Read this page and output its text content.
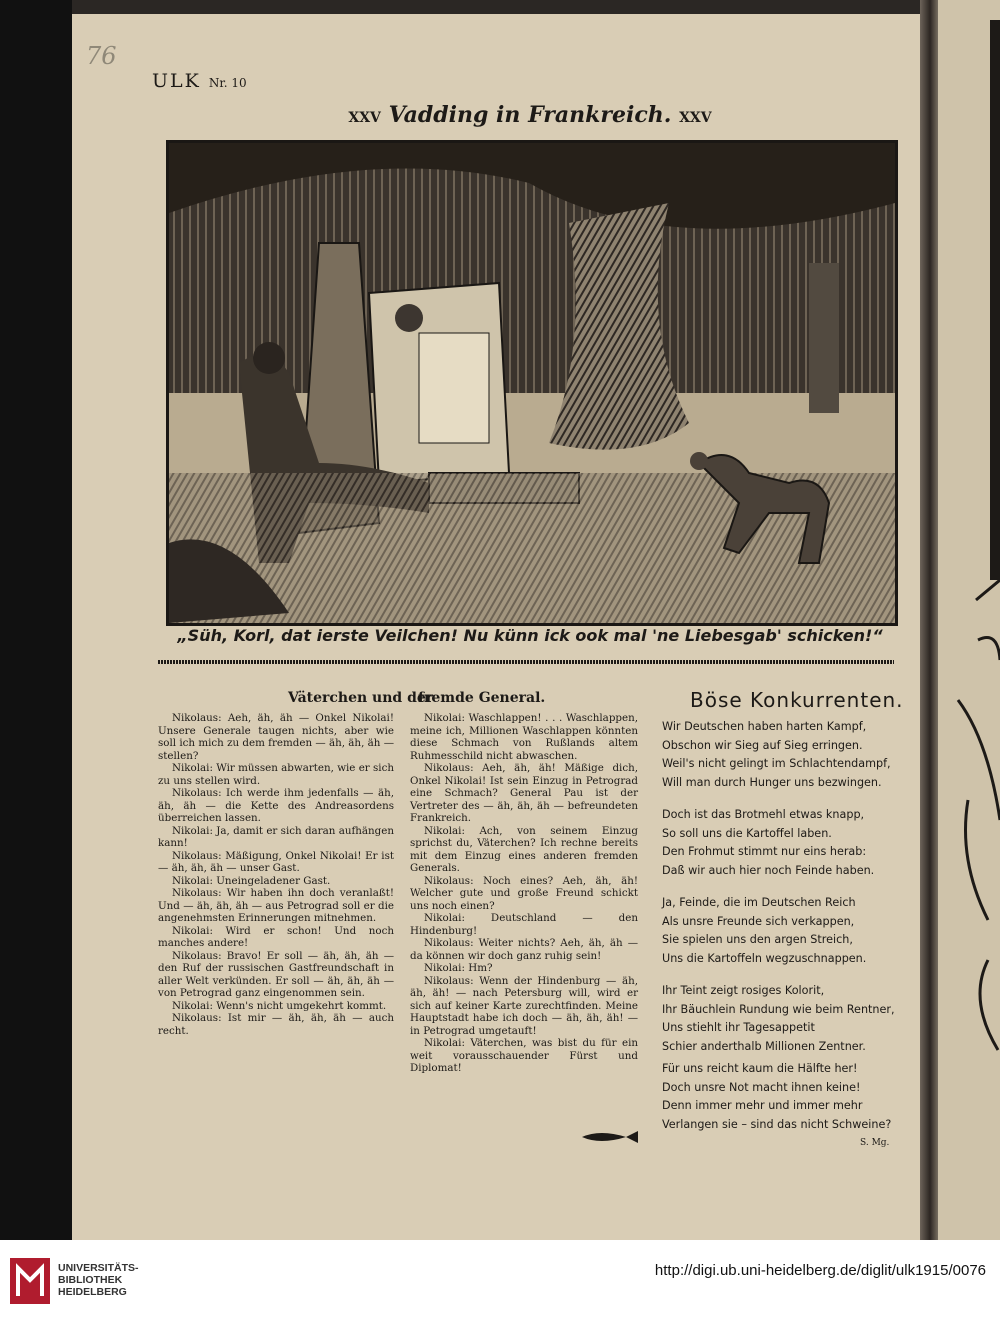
76
ULK Nr. 10
XXV Vadding in Frankreich. XXV
„Süh, Korl, dat ierste Veilchen! Nu künn ick ook mal 'ne Liebesgab' schicken!“
Väterchen und der
fremde General.

Nikolaus: Aeh, äh, äh — Onkel Nikolai! Unsere Generale taugen nichts, aber wie soll ich mich zu dem fremden — äh, äh, äh — stellen?

Nikolai: Wir müssen abwarten, wie er sich zu uns stellen wird.

Nikolaus: Ich werde ihm jedenfalls — äh, äh, äh — die Kette des Andreasordens überreichen lassen.

Nikolai: Ja, damit er sich daran aufhängen kann!

Nikolaus: Mäßigung, Onkel Nikolai! Er ist — äh, äh, äh — unser Gast.

Nikolai: Uneingeladener Gast.

Nikolaus: Wir haben ihn doch veranlaßt! Und — äh, äh, äh — aus Petrograd soll er die angenehmsten Erinnerungen mitnehmen.

Nikolai: Wird er schon! Und noch manches andere!

Nikolaus: Bravo! Er soll — äh, äh, äh — den Ruf der russischen Gastfreundschaft in aller Welt verkünden. Er soll — äh, äh, äh — von Petrograd ganz eingenommen sein.

Nikolai: Wenn's nicht umgekehrt kommt.

Nikolaus: Ist mir — äh, äh, äh — auch recht.

Nikolai: Waschlappen! . . . Waschlappen, meine ich, Millionen Waschlappen könnten diese Schmach von Rußlands altem Ruhmesschild nicht abwaschen.

Nikolaus: Aeh, äh, äh! Mäßige dich, Onkel Nikolai! Ist sein Einzug in Petrograd eine Schmach? General Pau ist der Vertreter des — äh, äh, äh — befreundeten Frankreich.

Nikolai: Ach, von seinem Einzug sprichst du, Väterchen? Ich rechne bereits mit dem Einzug eines anderen fremden Generals.

Nikolaus: Noch eines? Aeh, äh, äh! Welcher gute und große Freund schickt uns noch einen?

Nikolai: Deutschland — den Hindenburg!

Nikolaus: Weiter nichts? Aeh, äh, äh — da können wir doch ganz ruhig sein!

Nikolai: Hm?

Nikolaus: Wenn der Hindenburg — äh, äh, äh! — nach Petersburg will, wird er sich auf keiner Karte zurechtfinden. Meine Hauptstadt habe ich doch — äh, äh, äh! — in Petrograd umgetauft!

Nikolai: Väterchen, was bist du für ein weit vorausschauender Fürst und Diplomat!

Böse Konkurrenten.
Wir Deutschen haben harten Kampf,
Obschon wir Sieg auf Sieg erringen.
Weil's nicht gelingt im Schlachtendampf,
Will man durch Hunger uns bezwingen.
Doch ist das Brotmehl etwas knapp,
So soll uns die Kartoffel laben.
Den Frohmut stimmt nur eins herab:
Daß wir auch hier noch Feinde haben.
Ja, Feinde, die im Deutschen Reich
Als unsre Freunde sich verkappen,
Sie spielen uns den argen Streich,
Uns die Kartoffeln wegzuschnappen.
Ihr Teint zeigt rosiges Kolorit,
Ihr Bäuchlein Rundung wie beim Rentner,
Uns stiehlt ihr Tagesappetit
Schier anderthalb Millionen Zentner.
Für uns reicht kaum die Hälfte her!
Doch unsre Not macht ihnen keine!
Denn immer mehr und immer mehr
Verlangen sie – sind das nicht Schweine?
S. Mg.
UNIVERSITÄTS-
BIBLIOTHEK
HEIDELBERG
http://digi.ub.uni-heidelberg.de/diglit/ulk1915/0076
